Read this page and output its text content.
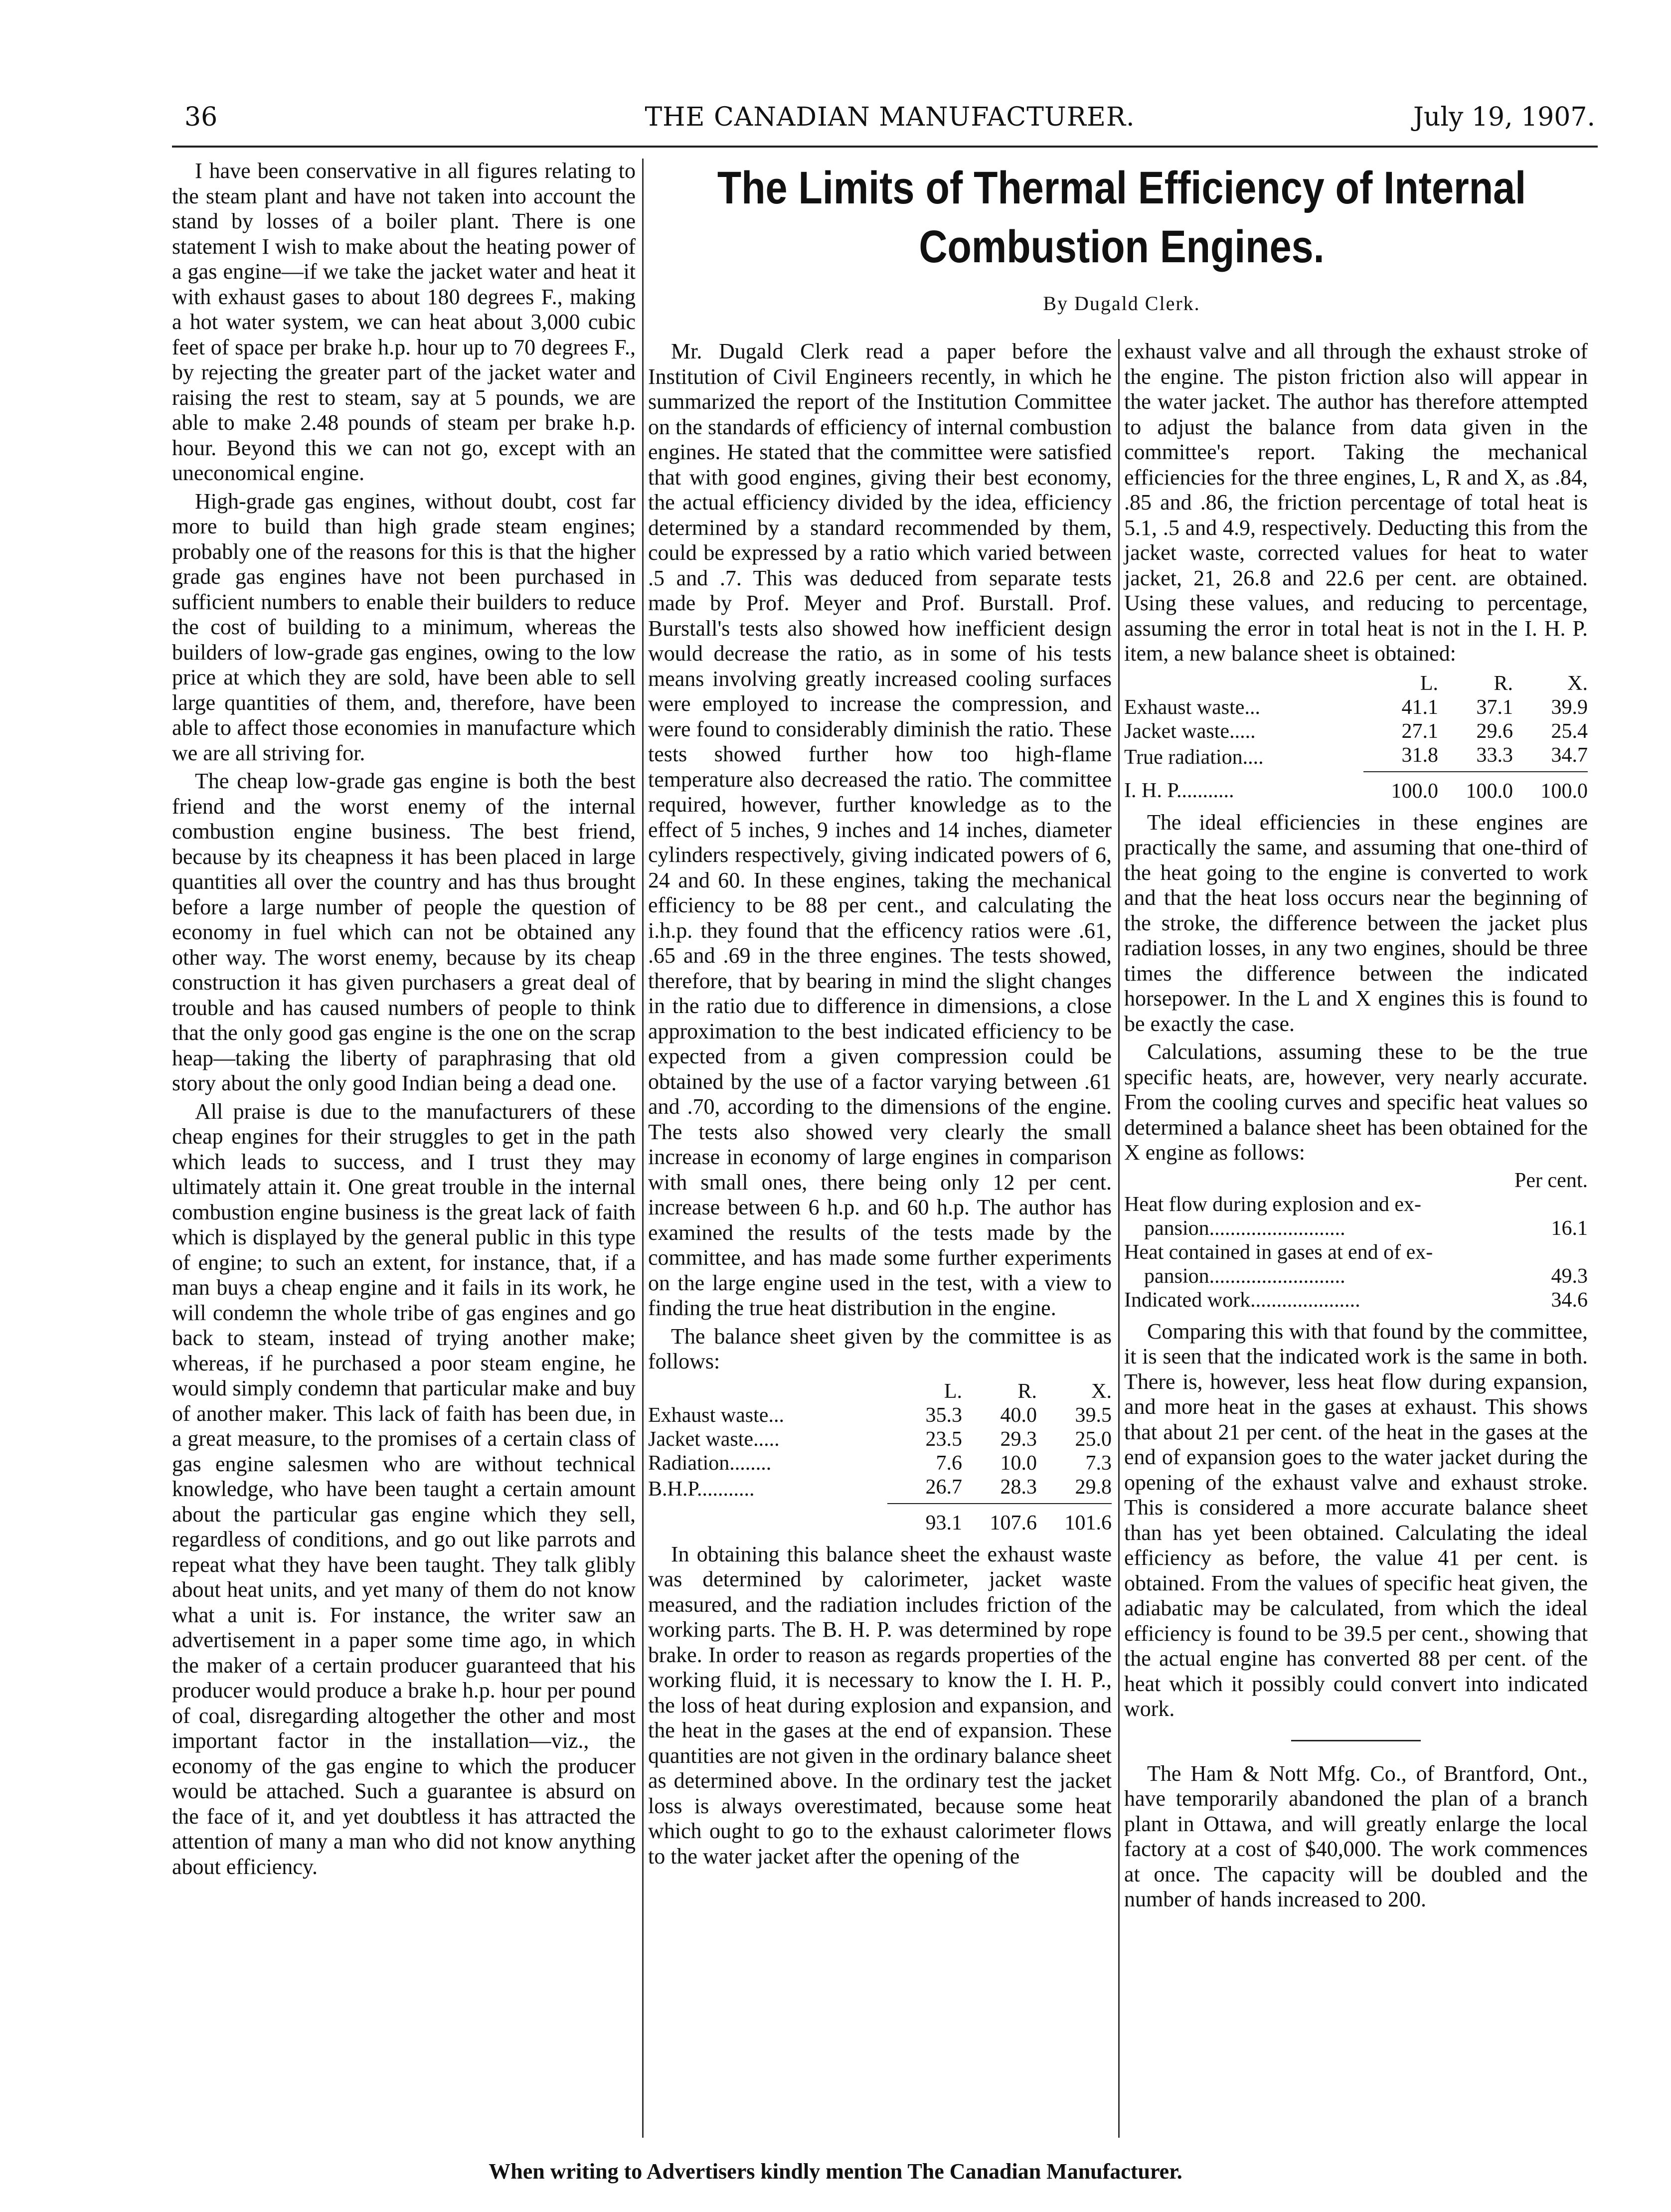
36	THE CANADIAN MANUFACTURER.	July 19, 1907.

I have been conservative in all figures relating to the steam plant and have not taken into account the stand by losses of a boiler plant. There is one statement I wish to make about the heating power of a gas engine—if we take the jacket water and heat it with exhaust gases to about 180 degrees F., making a hot water system, we can heat about 3,000 cubic feet of space per brake h.p. hour up to 70 degrees F., by rejecting the greater part of the jacket water and raising the rest to steam, say at 5 pounds, we are able to make 2.48 pounds of steam per brake h.p. hour. Beyond this we can not go, except with an uneconomical engine.

High-grade gas engines, without doubt, cost far more to build than high grade steam engines; probably one of the reasons for this is that the higher grade gas engines have not been purchased in sufficient numbers to enable their builders to reduce the cost of building to a minimum, whereas the builders of low-grade gas engines, owing to the low price at which they are sold, have been able to sell large quantities of them, and, therefore, have been able to affect those economies in manufacture which we are all striving for.

The cheap low-grade gas engine is both the best friend and the worst enemy of the internal combustion engine business. The best friend, because by its cheapness it has been placed in large quantities all over the country and has thus brought before a large number of people the question of economy in fuel which can not be obtained any other way. The worst enemy, because by its cheap construction it has given purchasers a great deal of trouble and has caused numbers of people to think that the only good gas engine is the one on the scrap heap—taking the liberty of paraphrasing that old story about the only good Indian being a dead one.

All praise is due to the manufacturers of these cheap engines for their struggles to get in the path which leads to success, and I trust they may ultimately attain it. One great trouble in the internal combustion engine business is the great lack of faith which is displayed by the general public in this type of engine; to such an extent, for instance, that, if a man buys a cheap engine and it fails in its work, he will condemn the whole tribe of gas engines and go back to steam, instead of trying another make; whereas, if he purchased a poor steam engine, he would simply condemn that particular make and buy of another maker. This lack of faith has been due, in a great measure, to the promises of a certain class of gas engine salesmen who are without technical knowledge, who have been taught a certain amount about the particular gas engine which they sell, regardless of conditions, and go out like parrots and repeat what they have been taught. They talk glibly about heat units, and yet many of them do not know what a unit is. For instance, the writer saw an advertisement in a paper some time ago, in which the maker of a certain producer guaranteed that his producer would produce a brake h.p. hour per pound of coal, disregarding altogether the other and most important factor in the installation—viz., the economy of the gas engine to which the producer would be attached. Such a guarantee is absurd on the face of it, and yet doubtless it has attracted the attention of many a man who did not know anything about efficiency.

The Limits of Thermal Efficiency of Internal Combustion Engines.
By Dugald Clerk.

Mr. Dugald Clerk read a paper before the Institution of Civil Engineers recently, in which he summarized the report of the Institution Committee on the standards of efficiency of internal combustion engines. He stated that the committee were satisfied that with good engines, giving their best economy, the actual efficiency divided by the idea, efficiency determined by a standard recommended by them, could be expressed by a ratio which varied between .5 and .7. This was deduced from separate tests made by Prof. Meyer and Prof. Burstall. Prof. Burstall's tests also showed how inefficient design would decrease the ratio, as in some of his tests means involving greatly increased cooling surfaces were employed to increase the compression, and were found to considerably diminish the ratio. These tests showed further how too high-flame temperature also decreased the ratio. The committee required, however, further knowledge as to the effect of 5 inches, 9 inches and 14 inches, diameter cylinders respectively, giving indicated powers of 6, 24 and 60. In these engines, taking the mechanical efficiency to be 88 per cent., and calculating the i.h.p. they found that the efficency ratios were .61, .65 and .69 in the three engines. The tests showed, therefore, that by bearing in mind the slight changes in the ratio due to difference in dimensions, a close approximation to the best indicated efficiency to be expected from a given compression could be obtained by the use of a factor varying between .61 and .70, according to the dimensions of the engine. The tests also showed very clearly the small increase in economy of large engines in comparison with small ones, there being only 12 per cent. increase between 6 h.p. and 60 h.p. The author has examined the results of the tests made by the committee, and has made some further experiments on the large engine used in the test, with a view to finding the true heat distribution in the engine.

The balance sheet given by the committee is as follows:

	L.	R.	X.
Exhaust waste...	35.3	40.0	39.5
Jacket waste.....	23.5	29.3	25.0
Radiation........	7.6	10.0	7.3
B.H.P...........	26.7	28.3	29.8
	93.1	107.6	101.6

In obtaining this balance sheet the exhaust waste was determined by calorimeter, jacket waste measured, and the radiation includes friction of the working parts. The B. H. P. was determined by rope brake. In order to reason as regards properties of the working fluid, it is necessary to know the I. H. P., the loss of heat during explosion and expansion, and the heat in the gases at the end of expansion. These quantities are not given in the ordinary balance sheet as determined above. In the ordinary test the jacket loss is always overestimated, because some heat which ought to go to the exhaust calorimeter flows to the water jacket after the opening of the

exhaust valve and all through the exhaust stroke of the engine. The piston friction also will appear in the water jacket. The author has therefore attempted to adjust the balance from data given in the committee's report. Taking the mechanical efficiencies for the three engines, L, R and X, as .84, .85 and .86, the friction percentage of total heat is 5.1, .5 and 4.9, respectively. Deducting this from the jacket waste, corrected values for heat to water jacket, 21, 26.8 and 22.6 per cent. are obtained. Using these values, and reducing to percentage, assuming the error in total heat is not in the I. H. P. item, a new balance sheet is obtained:

	L.	R.	X.
Exhaust waste...	41.1	37.1	39.9
Jacket waste.....	27.1	29.6	25.4
True radiation....	31.8	33.3	34.7
I. H. P...........	100.0	100.0	100.0

The ideal efficiencies in these engines are practically the same, and assuming that one-third of the heat going to the engine is converted to work and that the heat loss occurs near the beginning of the stroke, the difference between the jacket plus radiation losses, in any two engines, should be three times the difference between the indicated horsepower. In the L and X engines this is found to be exactly the case.

Calculations, assuming these to be the true specific heats, are, however, very nearly accurate. From the cooling curves and specific heat values so determined a balance sheet has been obtained for the X engine as follows:

Per cent.
Heat flow during explosion and ex-
pansion..........................	16.1
Heat contained in gases at end of ex-
pansion..........................	49.3
Indicated work.....................	34.6

Comparing this with that found by the committee, it is seen that the indicated work is the same in both. There is, however, less heat flow during expansion, and more heat in the gases at exhaust. This shows that about 21 per cent. of the heat in the gases at the end of expansion goes to the water jacket during the opening of the exhaust valve and exhaust stroke. This is considered a more accurate balance sheet than has yet been obtained. Calculating the ideal efficiency as before, the value 41 per cent. is obtained. From the values of specific heat given, the adiabatic may be calculated, from which the ideal efficiency is found to be 39.5 per cent., showing that the actual engine has converted 88 per cent. of the heat which it possibly could convert into indicated work.

The Ham & Nott Mfg. Co., of Brantford, Ont., have temporarily abandoned the plan of a branch plant in Ottawa, and will greatly enlarge the local factory at a cost of $40,000. The work commences at once. The capacity will be doubled and the number of hands increased to 200.

When writing to Advertisers kindly mention The Canadian Manufacturer.
